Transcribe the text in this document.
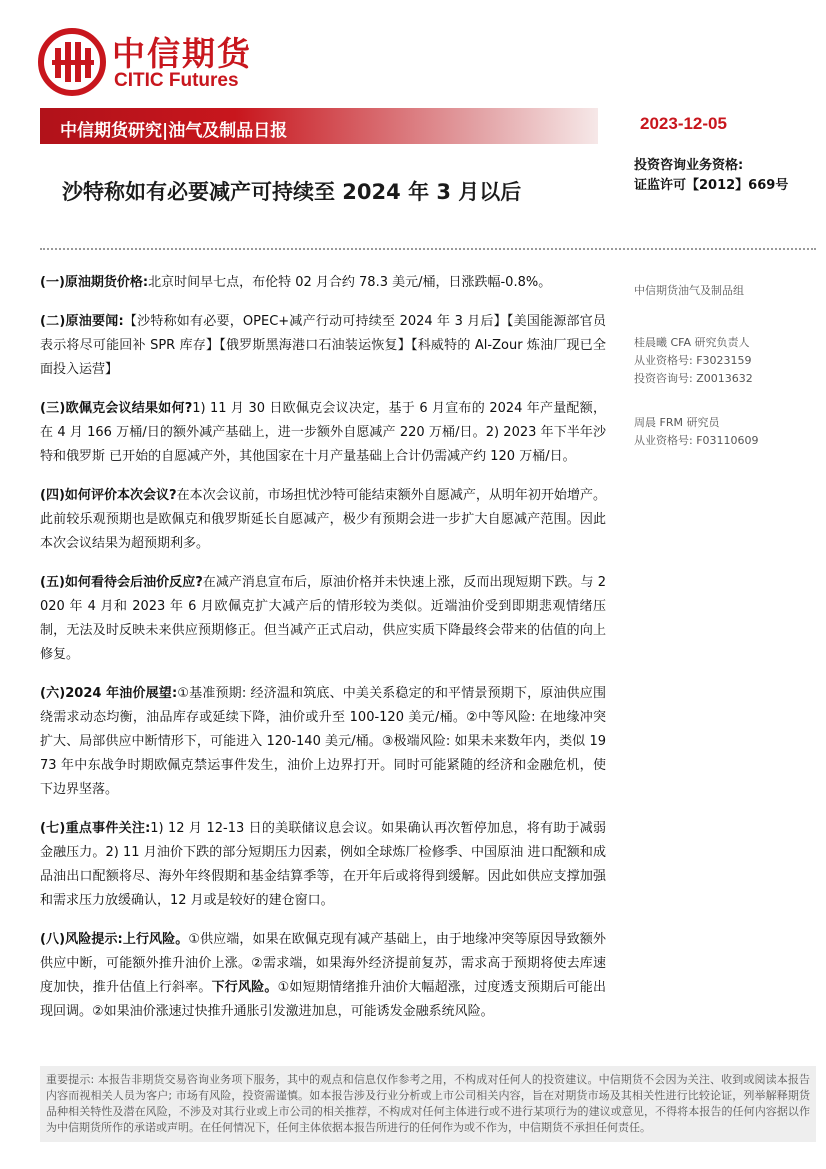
中信期货
CITIC Futures
中信期货研究|油气及制品日报	2023-12-05
投资咨询业务资格:
证监许可【2012】669号
沙特称如有必要减产可持续至 2024 年 3 月以后

(一)原油期货价格:北京时间早七点，布伦特 02 月合约 78.3 美元/桶，日涨跌幅-0.8%。

(二)原油要闻:【沙特称如有必要，OPEC+减产行动可持续至 2024 年 3 月后】【美国能源部官员表示将尽可能回补 SPR 库存】【俄罗斯黑海港口石油装运恢复】【科威特的 Al-Zour 炼油厂现已全面投入运营】

(三)欧佩克会议结果如何?1) 11 月 30 日欧佩克会议决定，基于 6 月宣布的 2024 年产量配额，在 4 月 166 万桶/日的额外减产基础上，进一步额外自愿减产 220 万桶/日。2) 2023 年下半年沙特和俄罗斯 已开始的自愿减产外，其他国家在十月产量基础上合计仍需减产约 120 万桶/日。

(四)如何评价本次会议?在本次会议前，市场担忧沙特可能结束额外自愿减产，从明年初开始增产。此前较乐观预期也是欧佩克和俄罗斯延长自愿减产，极少有预期会进一步扩大自愿减产范围。因此 本次会议结果为超预期利多。

(五)如何看待会后油价反应?在减产消息宣布后，原油价格并未快速上涨，反而出现短期下跌。与 2020 年 4 月和 2023 年 6 月欧佩克扩大减产后的情形较为类似。近端油价受到即期悲观情绪压制，无法及时反映未来供应预期修正。但当减产正式启动，供应实质下降最终会带来的估值的向上修复。

(六)2024 年油价展望:①基准预期: 经济温和筑底、中美关系稳定的和平情景预期下，原油供应围绕需求动态均衡，油品库存或延续下降，油价或升至 100-120 美元/桶。②中等风险: 在地缘冲突扩大、局部供应中断情形下，可能进入 120-140 美元/桶。③极端风险: 如果未来数年内，类似 1973 年中东战争时期欧佩克禁运事件发生，油价上边界打开。同时可能紧随的经济和金融危机，使下边界坚落。

(七)重点事件关注:1) 12 月 12-13 日的美联储议息会议。如果确认再次暂停加息，将有助于减弱金融压力。2) 11 月油价下跌的部分短期压力因素，例如全球炼厂检修季、中国原油 进口配额和成品油出口配额将尽、海外年终假期和基金结算季等，在开年后或将得到缓解。因此如供应支撑加强和需求压力放缓确认，12 月或是较好的建仓窗口。

(八)风险提示:上行风险。①供应端，如果在欧佩克现有减产基础上，由于地缘冲突等原因导致额外供应中断，可能额外推升油价上涨。②需求端，如果海外经济提前复苏，需求高于预期将使去库速度加快，推升估值上行斜率。下行风险。①如短期情绪推升油价大幅超涨，过度透支预期后可能出现回调。②如果油价涨速过快推升通胀引发激进加息，可能诱发金融系统风险。

中信期货油气及制品组
桂晨曦 CFA 研究负责人
从业资格号: F3023159
投资咨询号: Z0013632
周晨 FRM 研究员
从业资格号: F03110609
重要提示: 本报告非期货交易咨询业务项下服务，其中的观点和信息仅作参考之用，不构成对任何人的投资建议。中信期货不会因为关注、收到或阅读本报告内容而视相关人员为客户; 市场有风险，投资需谨慎。如本报告涉及行业分析或上市公司相关内容，旨在对期货市场及其相关性进行比较论证，列举解释期货品种相关特性及潜在风险，不涉及对其行业或上市公司的相关推荐，不构成对任何主体进行或不进行某项行为的建议或意见，不得将本报告的任何内容据以作为中信期货所作的承诺或声明。在任何情况下，任何主体依据本报告所进行的任何作为或不作为，中信期货不承担任何责任。
